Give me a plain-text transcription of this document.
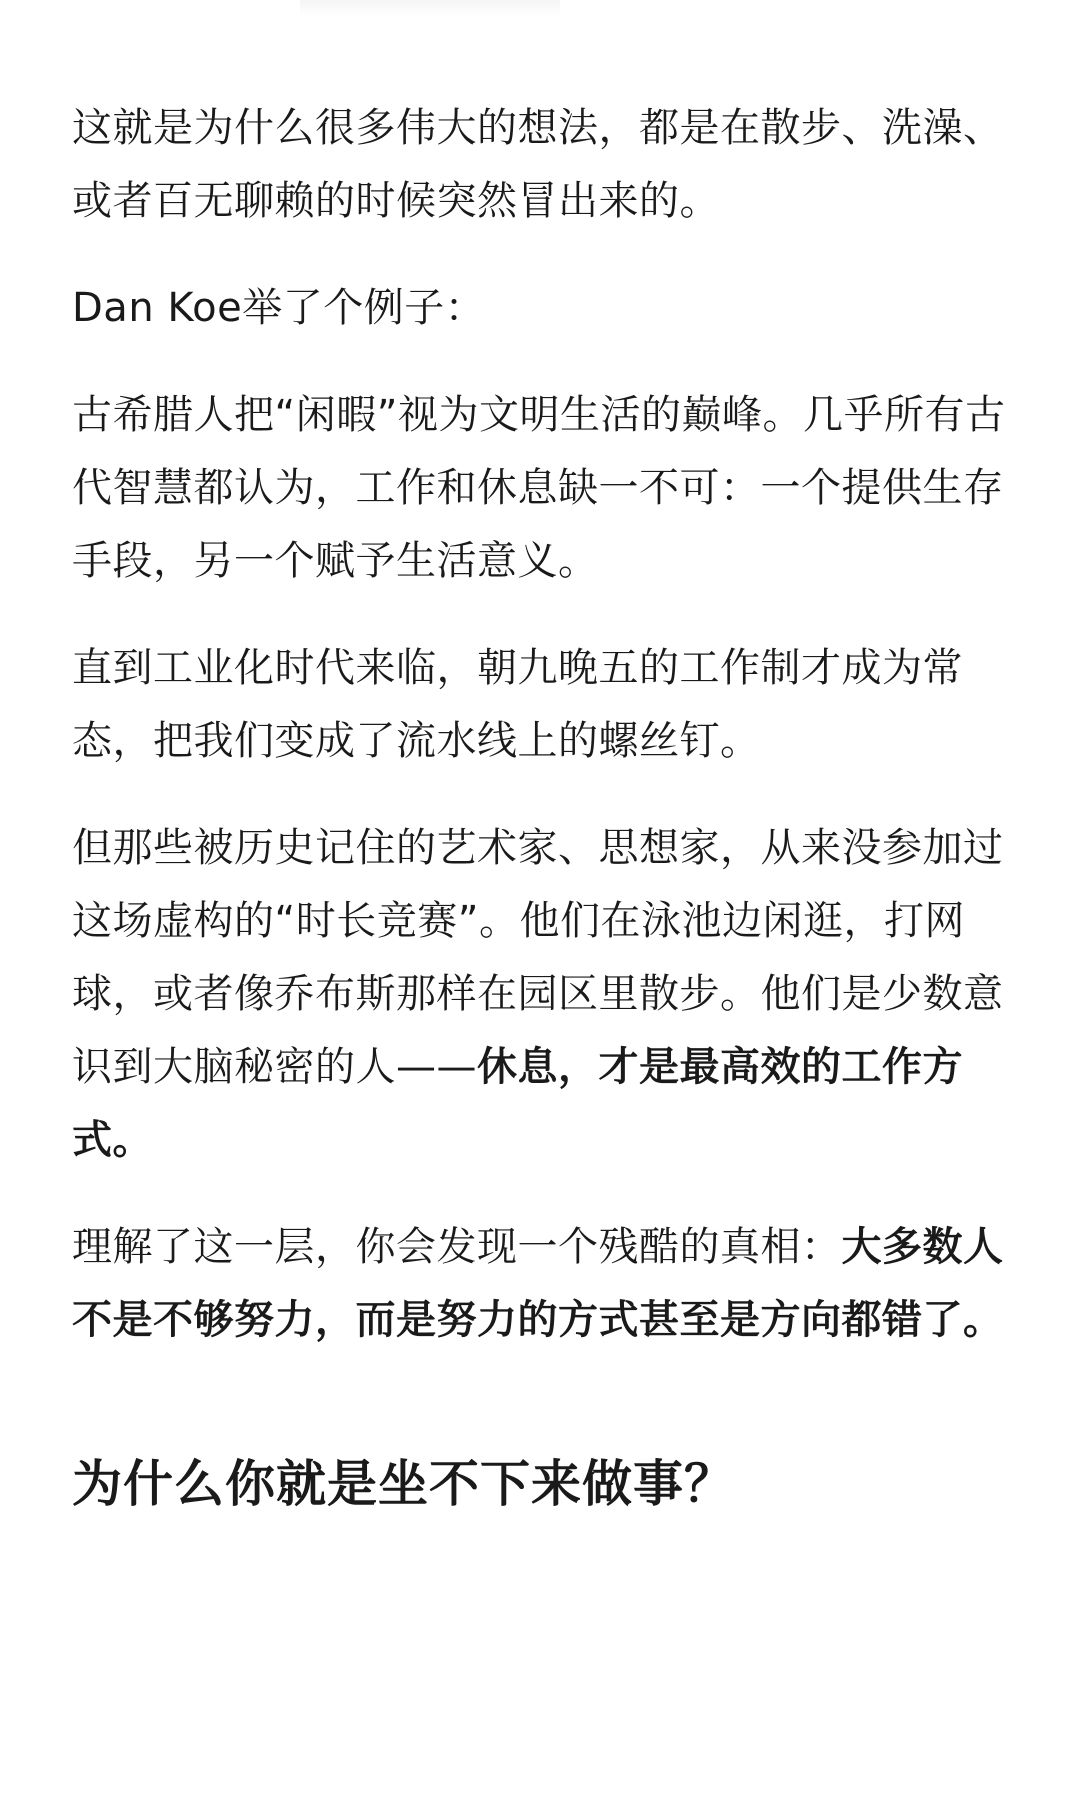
这就是为什么很多伟大的想法，都是在散步、洗澡、或者百无聊赖的时候突然冒出来的。

Dan Koe举了个例子：

古希腊人把“闲暇”视为文明生活的巅峰。几乎所有古代智慧都认为，工作和休息缺一不可：一个提供生存手段，另一个赋予生活意义。

直到工业化时代来临，朝九晚五的工作制才成为常态，把我们变成了流水线上的螺丝钉。

但那些被历史记住的艺术家、思想家，从来没参加过这场虚构的“时长竞赛”。他们在泳池边闲逛，打网球，或者像乔布斯那样在园区里散步。他们是少数意识到大脑秘密的人——休息，才是最高效的工作方式。

理解了这一层，你会发现一个残酷的真相：大多数人不是不够努力，而是努力的方式甚至是方向都错了。

为什么你就是坐不下来做事？
